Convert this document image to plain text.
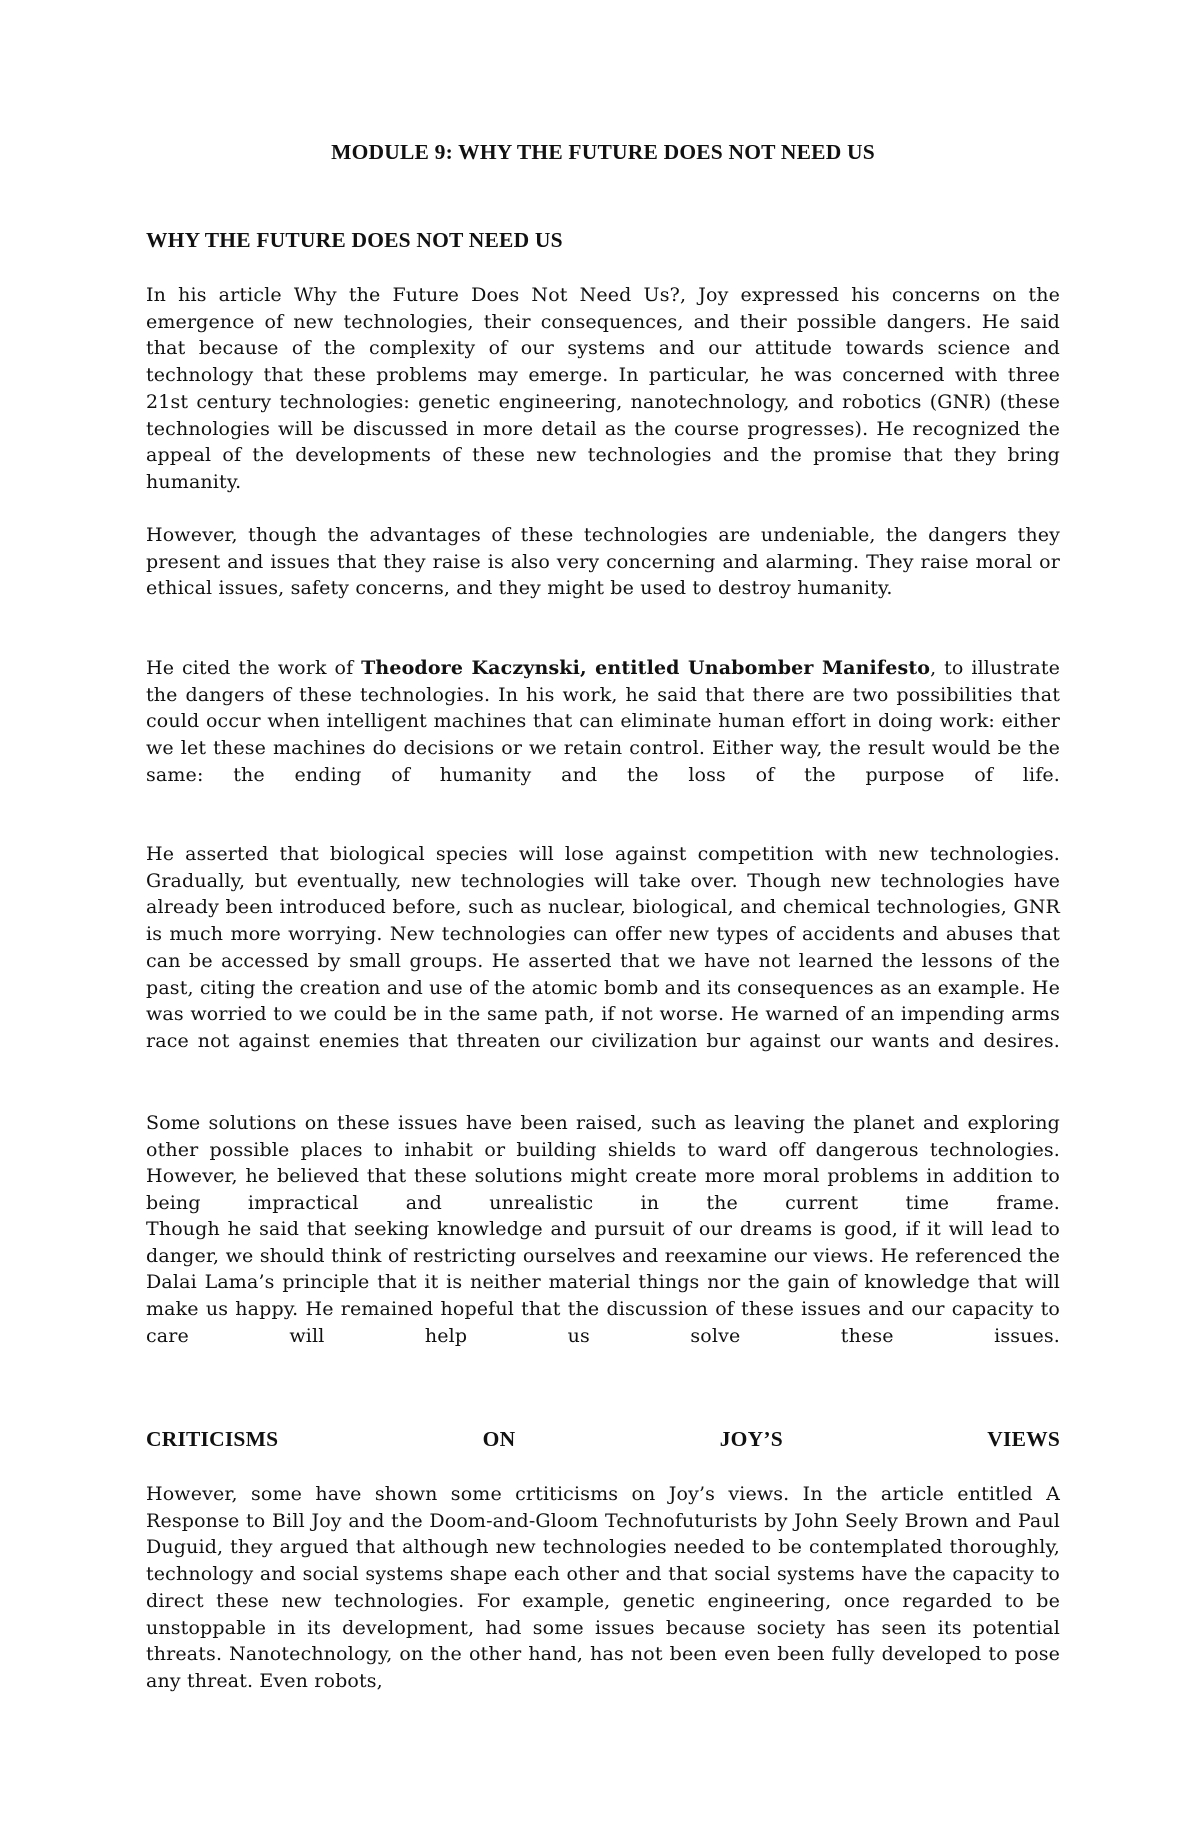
MODULE 9: WHY THE FUTURE DOES NOT NEED US
WHY THE FUTURE DOES NOT NEED US

In his article Why the Future Does Not Need Us?, Joy expressed his concerns on the emergence of new technologies, their consequences, and their possible dangers. He said that because of the complexity of our systems and our attitude towards science and technology that these problems may emerge. In particular, he was concerned with three 21st century technologies: genetic engineering, nanotechnology, and robotics (GNR) (these technologies will be discussed in more detail as the course progresses). He recognized the appeal of the developments of these new technologies and the promise that they bring humanity.

However, though the advantages of these technologies are undeniable, the dangers they present and issues that they raise is also very concerning and alarming. They raise moral or ethical issues, safety concerns, and they might be used to destroy humanity.

He cited the work of Theodore Kaczynski, entitled Unabomber Manifesto, to illustrate the dangers of these technologies. In his work, he said that there are two possibilities that could occur when intelligent machines that can eliminate human effort in doing work: either we let these machines do decisions or we retain control. Either way, the result would be the same: the ending of humanity and the loss of the purpose of life.

He asserted that biological species will lose against competition with new technologies. Gradually, but eventually, new technologies will take over. Though new technologies have already been introduced before, such as nuclear, biological, and chemical technologies, GNR is much more worrying. New technologies can offer new types of accidents and abuses that can be accessed by small groups. He asserted that we have not learned the lessons of the past, citing the creation and use of the atomic bomb and its consequences as an example. He was worried to we could be in the same path, if not worse. He warned of an impending arms race not against enemies that threaten our civilization bur against our wants and desires.

Some solutions on these issues have been raised, such as leaving the planet and exploring other possible places to inhabit or building shields to ward off dangerous technologies. However, he believed that these solutions might create more moral problems in addition to being impractical and unrealistic in the current time frame.

Though he said that seeking knowledge and pursuit of our dreams is good, if it will lead to danger, we should think of restricting ourselves and reexamine our views. He referenced the Dalai Lama’s principle that it is neither material things nor the gain of knowledge that will make us happy. He remained hopeful that the discussion of these issues and our capacity to care will help us solve these issues.

CRITICISMS	ON	JOY’S	VIEWS

However, some have shown some crtiticisms on Joy’s views. In the article entitled A Response to Bill Joy and the Doom-and-Gloom Technofuturists by John Seely Brown and Paul Duguid, they argued that although new technologies needed to be contemplated thoroughly, technology and social systems shape each other and that social systems have the capacity to direct these new technologies. For example, genetic engineering, once regarded to be unstoppable in its development, had some issues because society has seen its potential threats. Nanotechnology, on the other hand, has not been even been fully developed to pose any threat. Even robots,
